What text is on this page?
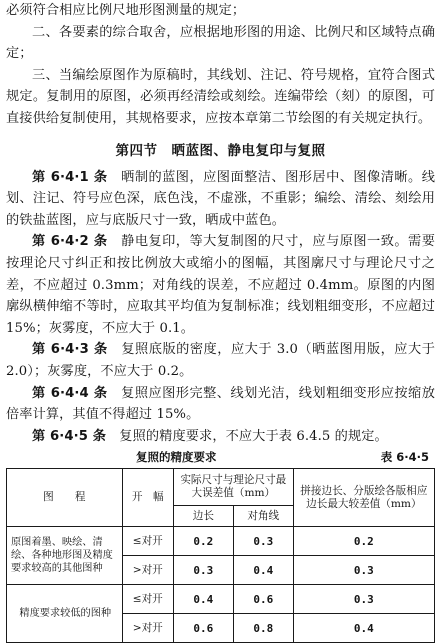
必须符合相应比例尺地形图测量的规定；

二、各要素的综合取舍，应根据地形图的用途、比例尺和区域特点确定；

三、当编绘原图作为原稿时，其线划、注记、符号规格，宜符合图式规定。复制用的原图，必须再经清绘或刻绘。连编带绘（刻）的原图，可直接供给复制使用，其规格要求，应按本章第二节绘图的有关规定执行。

第四节　晒蓝图、静电复印与复照

第 6·4·1 条　晒制的蓝图，应图面整洁、图形居中、图像清晰。线划、注记、符号应色深，底色浅，不虚涨，不重影；编绘、清绘、刻绘用的铁盐蓝图，应与底版尺寸一致，晒成中蓝色。

第 6·4·2 条　静电复印，等大复制图的尺寸，应与原图一致。需要按理论尺寸纠正和按比例放大或缩小的图幅，其图廓尺寸与理论尺寸之差，不应超过 0.3mm；对角线的误差，不应超过 0.4mm。原图的内图廓纵横伸缩不等时，应取其平均值为复制标准；线划粗细变形，不应超过 15%；灰雾度，不应大于 0.1。

第 6·4·3 条　复照底版的密度，应大于 3.0（晒蓝图用版，应大于 2.0）；灰雾度，不应大于 0.2。

第 6·4·4 条　复照应图形完整、线划光洁，线划粗细变形应按缩放倍率计算，其值不得超过 15%。

第 6·4·5 条　复照的精度要求，不应大于表 6.4.5 的规定。

复照的精度要求	表 6·4·5
图　　程	开　幅	实际尺寸与理论尺寸最大误差值（mm）		拼接边长、分版绘各版相应边长最大较差值（mm）
		边长	对角线	
原图着墨、映绘、清绘、各种地形图及精度要求较高的其他图种	≤对开	0.2	0.3	0.2
	>对开	0.3	0.4	0.3
精度要求较低的图种	≤对开	0.4	0.6	0.3
	>对开	0.6	0.8	0.4
